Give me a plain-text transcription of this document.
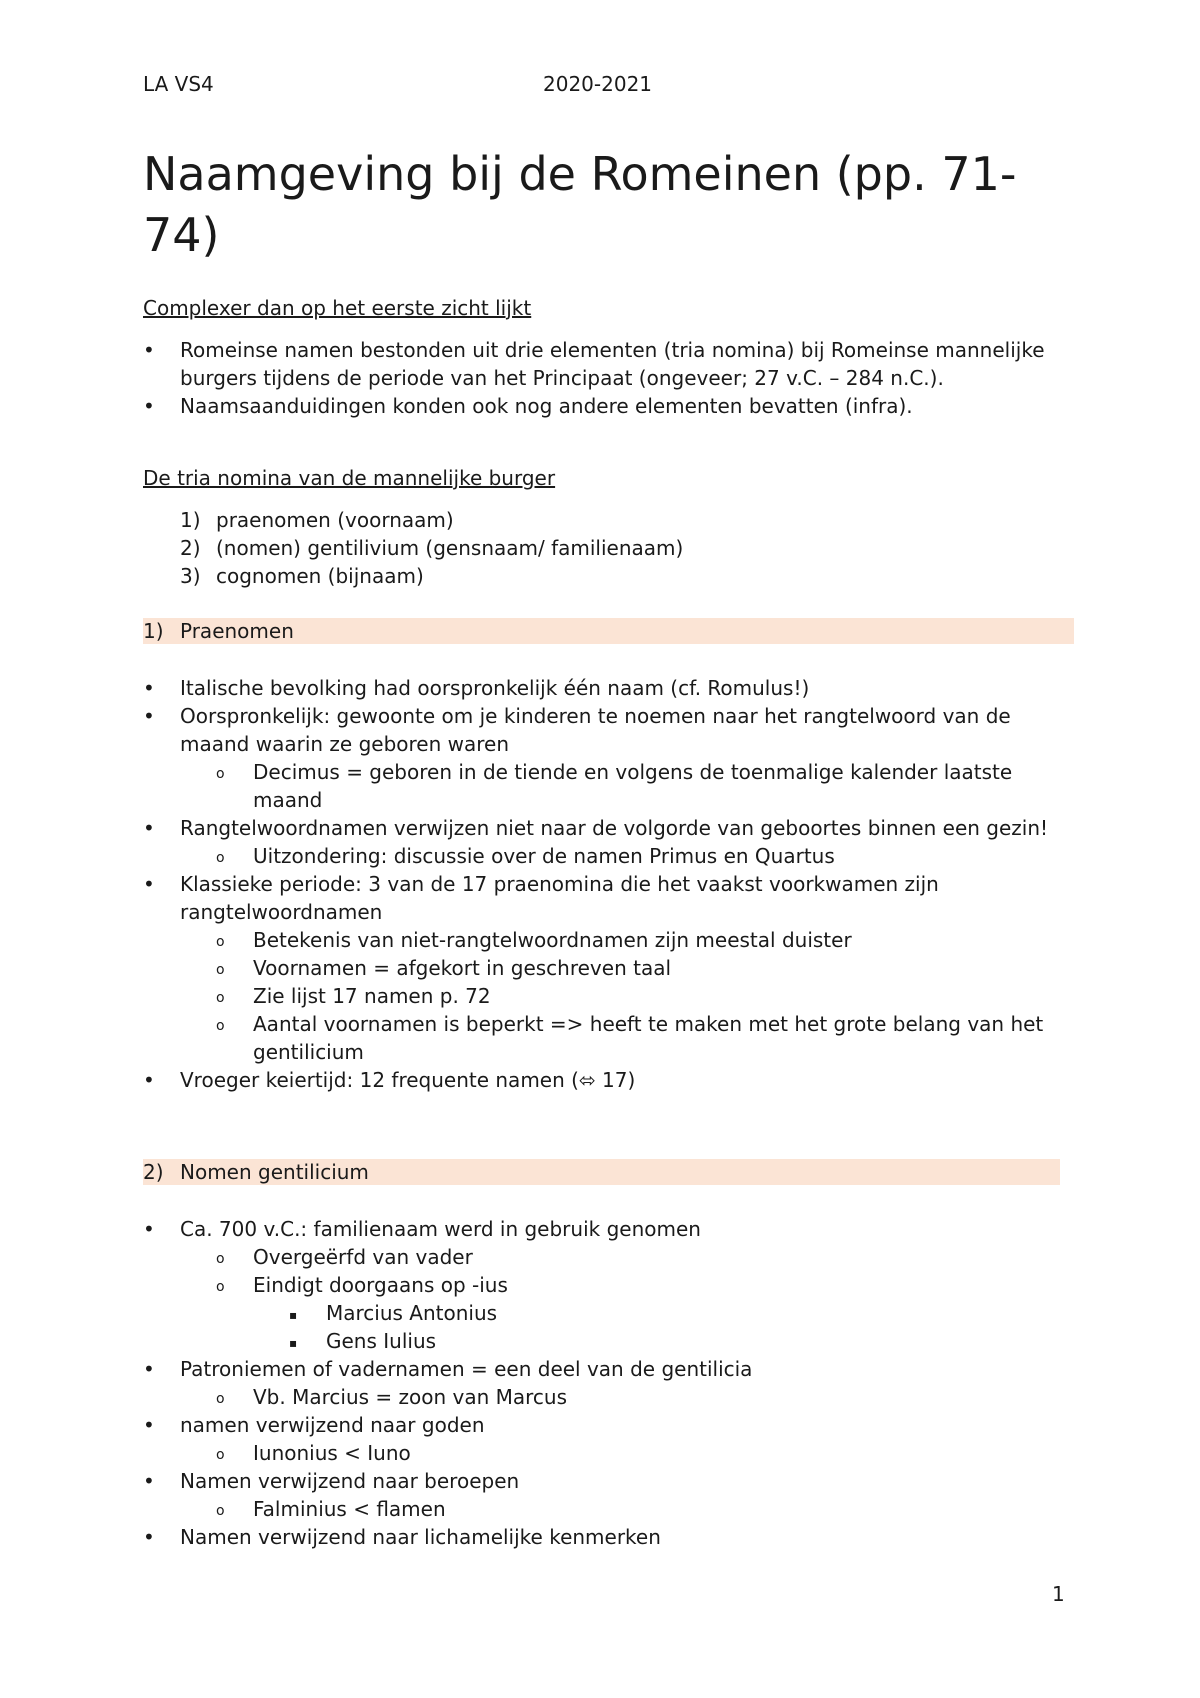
LA VS4	2020-2021
Naamgeving bij de Romeinen (pp. 71-74)
Complexer dan op het eerste zicht lijkt
•	Romeinse namen bestonden uit drie elementen (tria nomina) bij Romeinse mannelijke burgers tijdens de periode van het Principaat (ongeveer; 27 v.C. – 284 n.C.).
•	Naamsaanduidingen konden ook nog andere elementen bevatten (infra).
De tria nomina van de mannelijke burger
1) praenomen (voornaam)
2) (nomen) gentilivium (gensnaam/ familienaam)
3) cognomen (bijnaam)
1) Praenomen
•	Italische bevolking had oorspronkelijk één naam (cf. Romulus!)
•	Oorspronkelijk: gewoonte om je kinderen te noemen naar het rangtelwoord van de maand waarin ze geboren waren
o	Decimus = geboren in de tiende en volgens de toenmalige kalender laatste maand
•	Rangtelwoordnamen verwijzen niet naar de volgorde van geboortes binnen een gezin!
o	Uitzondering: discussie over de namen Primus en Quartus
•	Klassieke periode: 3 van de 17 praenomina die het vaakst voorkwamen zijn rangtelwoordnamen
o	Betekenis van niet-rangtelwoordnamen zijn meestal duister
o	Voornamen = afgekort in geschreven taal
o	Zie lijst 17 namen p. 72
o	Aantal voornamen is beperkt => heeft te maken met het grote belang van het gentilicium
•	Vroeger keiertijd: 12 frequente namen (⬄ 17)
2) Nomen gentilicium
•	Ca. 700 v.C.: familienaam werd in gebruik genomen
o	Overgeërfd van vader
o	Eindigt doorgaans op -ius
▪	Marcius Antonius
▪	Gens Iulius
•	Patroniemen of vadernamen = een deel van de gentilicia
o	Vb. Marcius = zoon van Marcus
•	namen verwijzend naar goden
o	Iunonius < Iuno
•	Namen verwijzend naar beroepen
o	Falminius < flamen
•	Namen verwijzend naar lichamelijke kenmerken
1
